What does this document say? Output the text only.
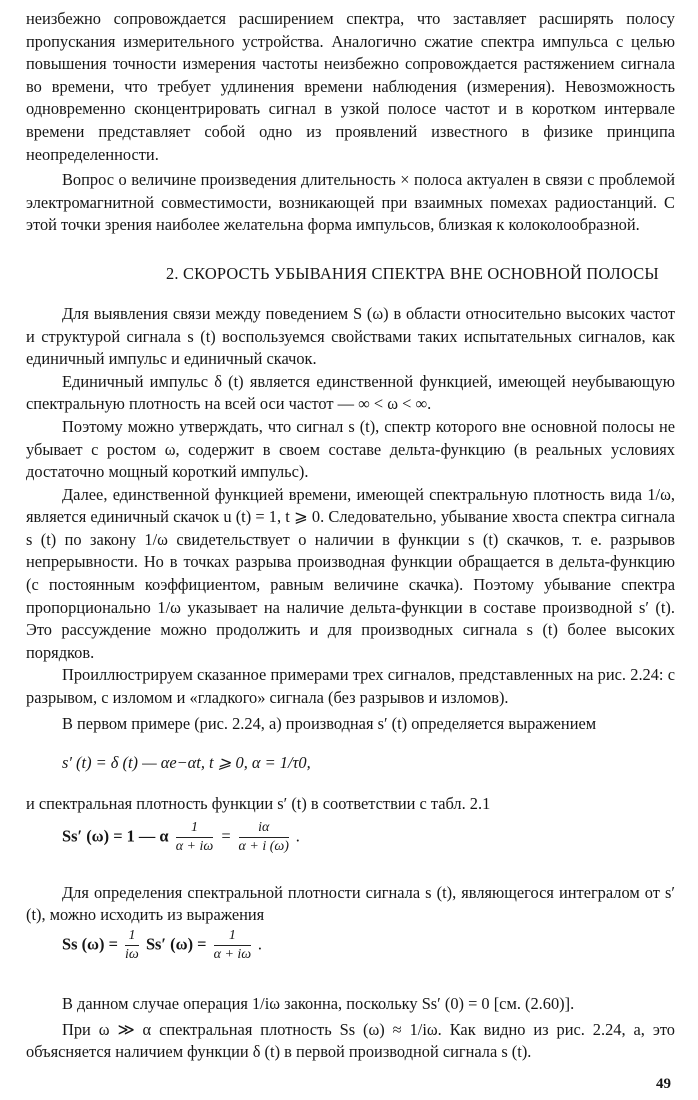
неизбежно сопровождается расширением спектра, что заставляет расширять полосу пропускания измерительного устройства. Аналогично сжатие спектра импульса с целью повышения точности измерения частоты неизбежно сопровождается растяжением сигнала во времени, что требует удлинения времени наблюдения (измерения). Невозможность одновременно сконцентрировать сигнал в узкой полосе частот и в коротком интервале времени представляет собой одно из проявлений известного в физике принципа неопределенности.

Вопрос о величине произведения длительность × полоса актуален в связи с проблемой электромагнитной совместимости, возникающей при взаимных помехах радиостанций. С этой точки зрения наиболее желательна форма импульсов, близкая к колоколообразной.

2. СКОРОСТЬ УБЫВАНИЯ СПЕКТРА ВНЕ ОСНОВНОЙ ПОЛОСЫ

Для выявления связи между поведением S (ω) в области относительно высоких частот и структурой сигнала s (t) воспользуемся свойствами таких испытательных сигналов, как единичный импульс и единичный скачок.

Единичный импульс δ (t) является единственной функцией, имеющей неубывающую спектральную плотность на всей оси частот — ∞ < ω < ∞.

Поэтому можно утверждать, что сигнал s (t), спектр которого вне основной полосы не убывает с ростом ω, содержит в своем составе дельта-функцию (в реальных условиях достаточно мощный короткий импульс).

Далее, единственной функцией времени, имеющей спектральную плотность вида 1/ω, является единичный скачок u (t) = 1, t ⩾ 0. Следовательно, убывание хвоста спектра сигнала s (t) по закону 1/ω свидетельствует о наличии в функции s (t) скачков, т. е. разрывов непрерывности. Но в точках разрыва производная функции обращается в дельта-функцию (с постоянным коэффициентом, равным величине скачка). Поэтому убывание спектра пропорционально 1/ω указывает на наличие дельта-функции в составе производной s′ (t). Это рассуждение можно продолжить и для производных сигнала s (t) более высоких порядков.

Проиллюстрируем сказанное примерами трех сигналов, представленных на рис. 2.24: с разрывом, с изломом и «гладкого» сигнала (без разрывов и изломов).

В первом примере (рис. 2.24, а) производная s′ (t) определяется выражением

и спектральная плотность функции s′ (t) в соответствии с табл. 2.1

Для определения спектральной плотности сигнала s (t), являющегося интегралом от s′ (t), можно исходить из выражения

В данном случае операция 1/iω законна, поскольку Ss′ (0) = 0 [см. (2.60)].

При ω ≫ α спектральная плотность Ss (ω) ≈ 1/iω. Как видно из рис. 2.24, а, это объясняется наличием функции δ (t) в первой производной сигнала s (t).

s′ (t) = δ (t) — αe−αt, t ⩾ 0, α = 1/τ0,
Ss′ (ω) = 1 — α $\frac{1}{\alpha + i\omega} = \frac{i\alpha}{\alpha + i (\omega)}$ .
Ss $(\omega) = \frac{1}{i\omega} Ss'$ $(\omega) = \frac{1}{\alpha + i\omega}$ .
49
